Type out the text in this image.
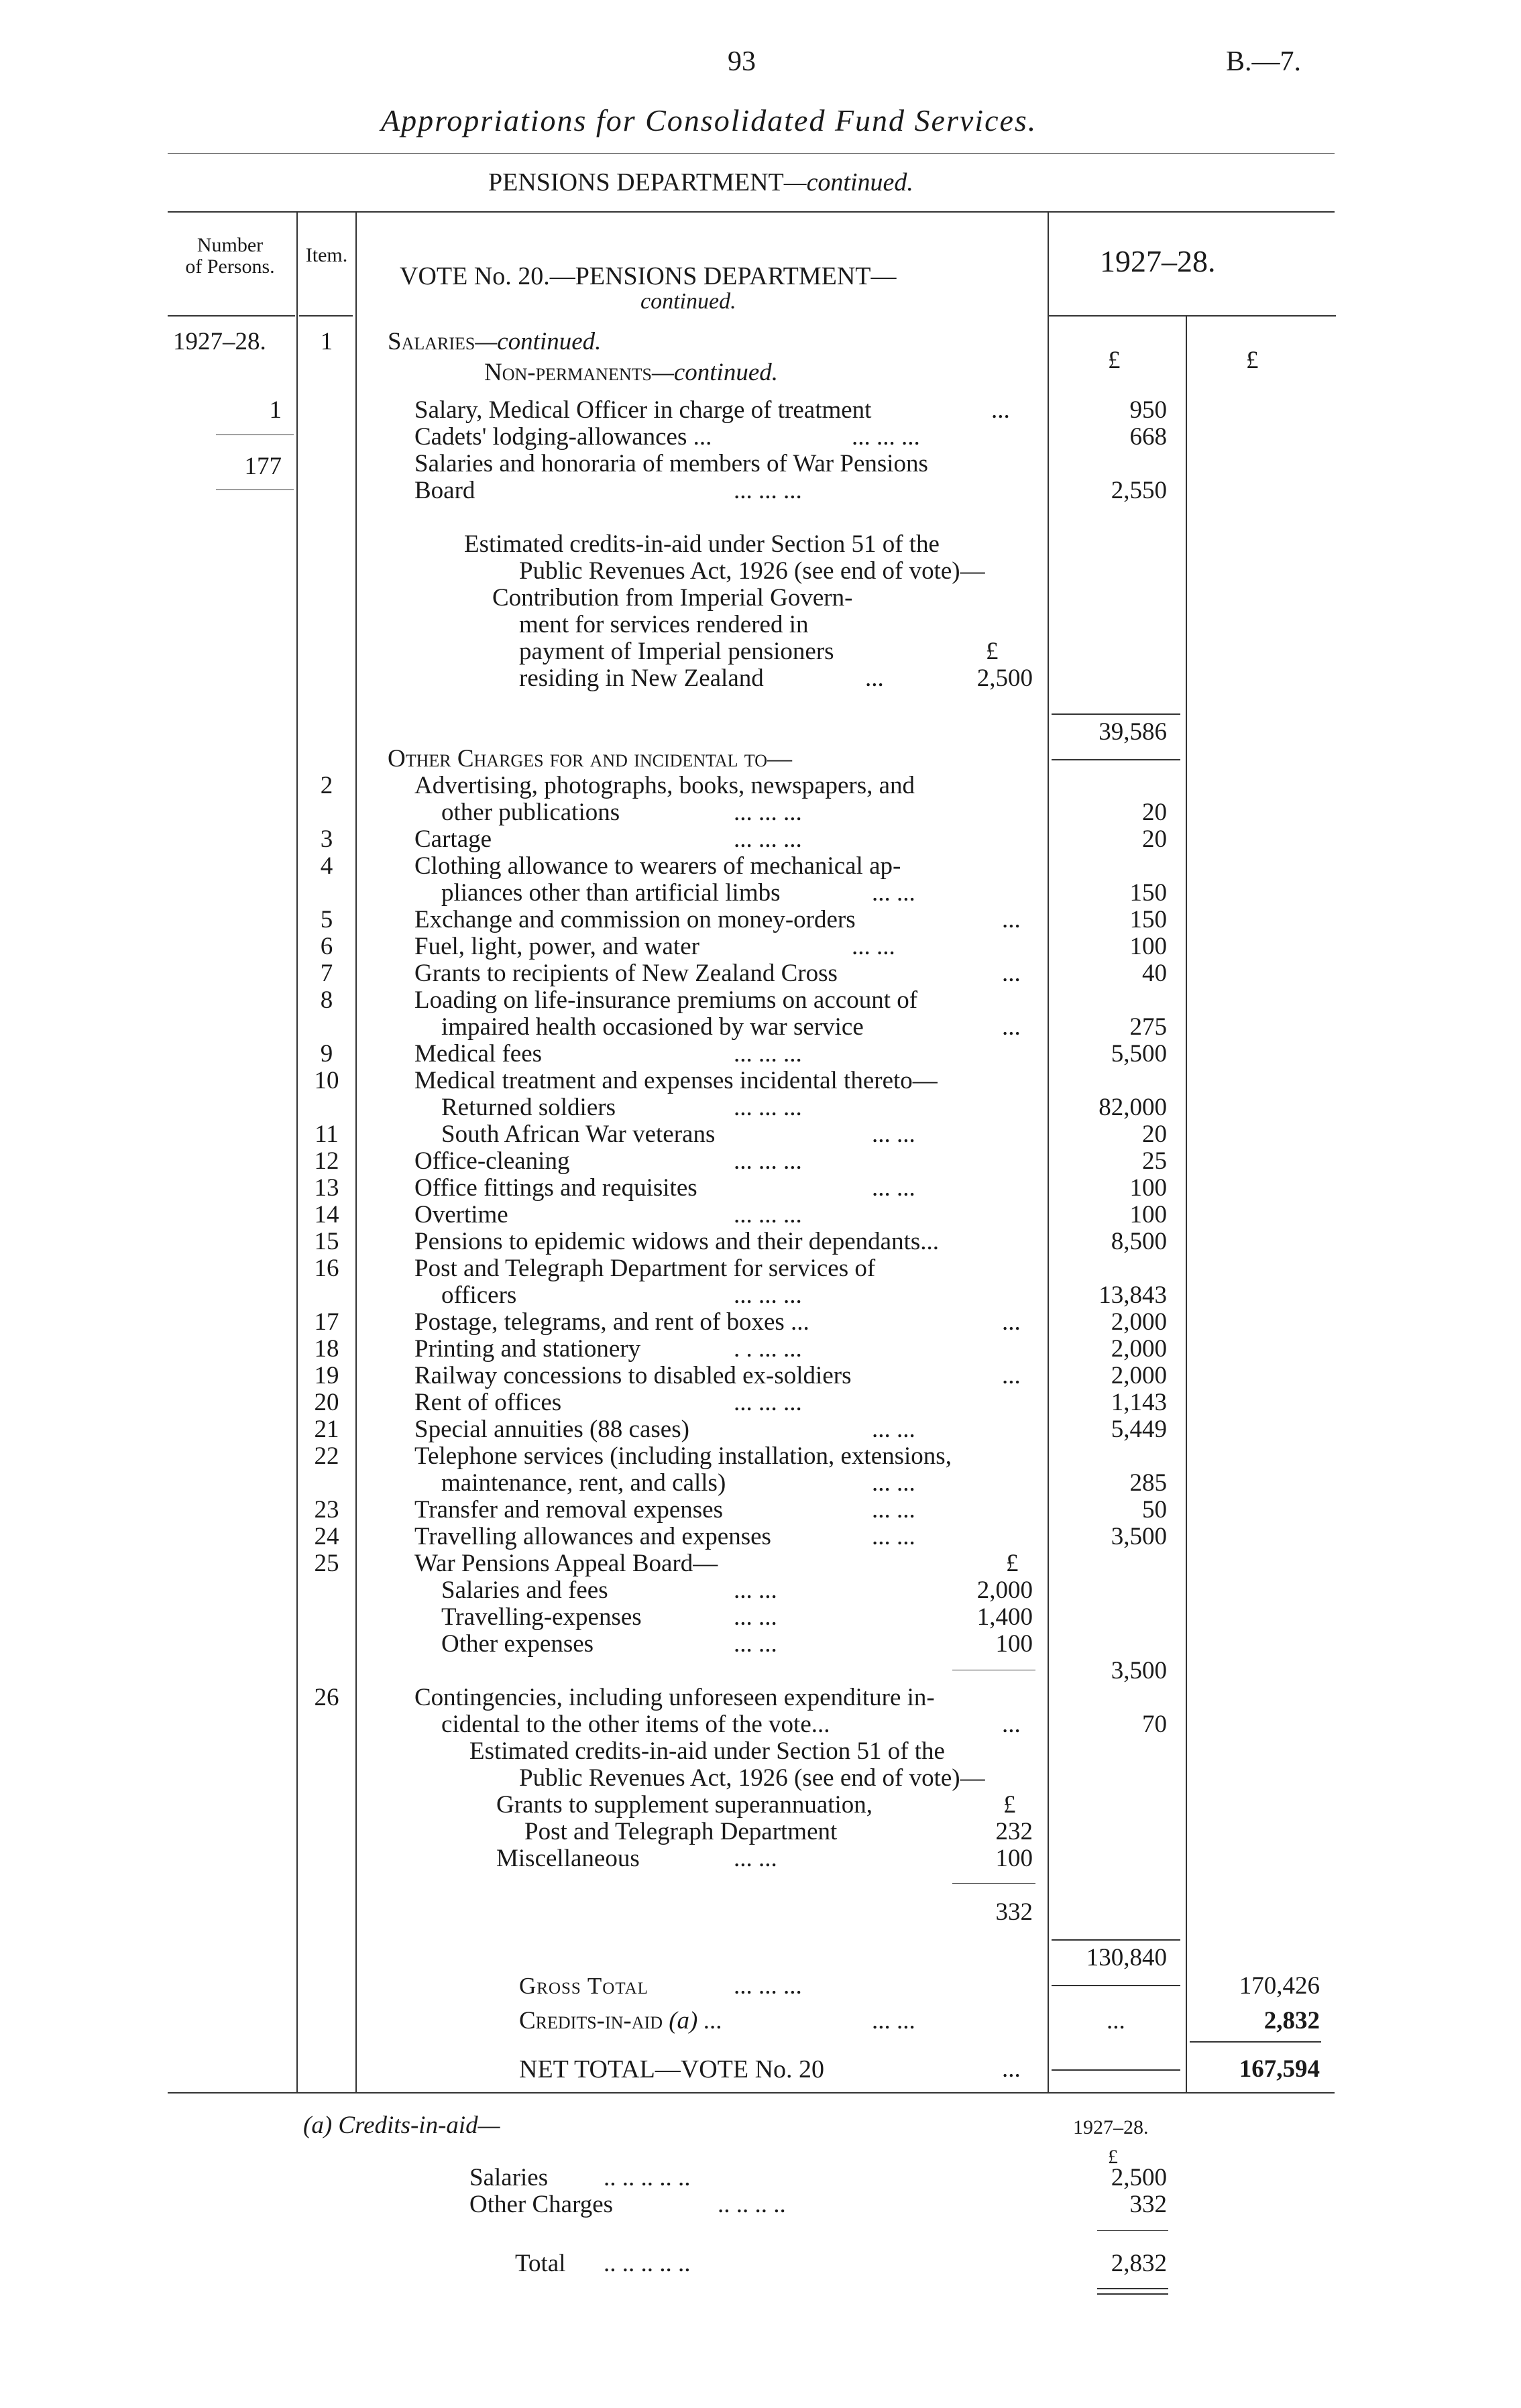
93	B.—7.
Appropriations for Consolidated Fund Services.
PENSIONS DEPARTMENT—continued.
Number
of Persons.
Item.
VOTE No. 20.—PENSIONS DEPARTMENT—
continued.
1927–28.
1927–28.	1	Salaries—continued.
£	£
Non-permanents—continued.
1	Salary, Medical Officer in charge of treatment	...	950
Cadets' lodging-allowances ...	... ... ...	668
177	Salaries and honoraria of members of War Pensions
Board	... ... ...	2,550
Estimated credits-in-aid under Section 51 of the
Public Revenues Act, 1926 (see end of vote)—
Contribution from Imperial Govern-
ment for services rendered in
payment of Imperial pensioners	£
residing in New Zealand	...	2,500
39,586
Other Charges for and incidental to—
2	Advertising, photographs, books, newspapers, and
other publications	... ... ...	20
3	Cartage	... ... ...	20
4	Clothing allowance to wearers of mechanical ap-
pliances other than artificial limbs	... ...	150
5	Exchange and commission on money-orders	...	150
6	Fuel, light, power, and water	... ...	100
7	Grants to recipients of New Zealand Cross	...	40
8	Loading on life-insurance premiums on account of
impaired health occasioned by war service	...	275
9	Medical fees	... ... ...	5,500
10	Medical treatment and expenses incidental thereto—
Returned soldiers	... ... ...	82,000
11	South African War veterans	... ...	20
12	Office-cleaning	... ... ...	25
13	Office fittings and requisites	... ...	100
14	Overtime	... ... ...	100
15	Pensions to epidemic widows and their dependants...	8,500
16	Post and Telegraph Department for services of
officers	... ... ...	13,843
17	Postage, telegrams, and rent of boxes ...	...	2,000
18	Printing and stationery	. . ... ...	2,000
19	Railway concessions to disabled ex-soldiers	...	2,000
20	Rent of offices	... ... ...	1,143
21	Special annuities (88 cases)	... ...	5,449
22	Telephone services (including installation, extensions,
maintenance, rent, and calls)	... ...	285
23	Transfer and removal expenses	... ...	50
24	Travelling allowances and expenses	... ...	3,500
25	War Pensions Appeal Board—	£
Salaries and fees	... ...	2,000
Travelling-expenses	... ...	1,400
Other expenses	... ...	100
3,500
26	Contingencies, including unforeseen expenditure in-
cidental to the other items of the vote...	...	70
Estimated credits-in-aid under Section 51 of the
Public Revenues Act, 1926 (see end of vote)—
Grants to supplement superannuation,	£
Post and Telegraph Department	232
Miscellaneous	... ...	100
332
130,840
Gross Total	... ... ...	170,426
Credits-in-aid (a) ...	... ...	...	2,832
NET TOTAL—VOTE No. 20	...	167,594
(a) Credits-in-aid—	1927–28.
£
Salaries .. .. .. .. ..	2,500
Other Charges	.. .. .. ..	332
Total .. .. .. .. ..	2,832
